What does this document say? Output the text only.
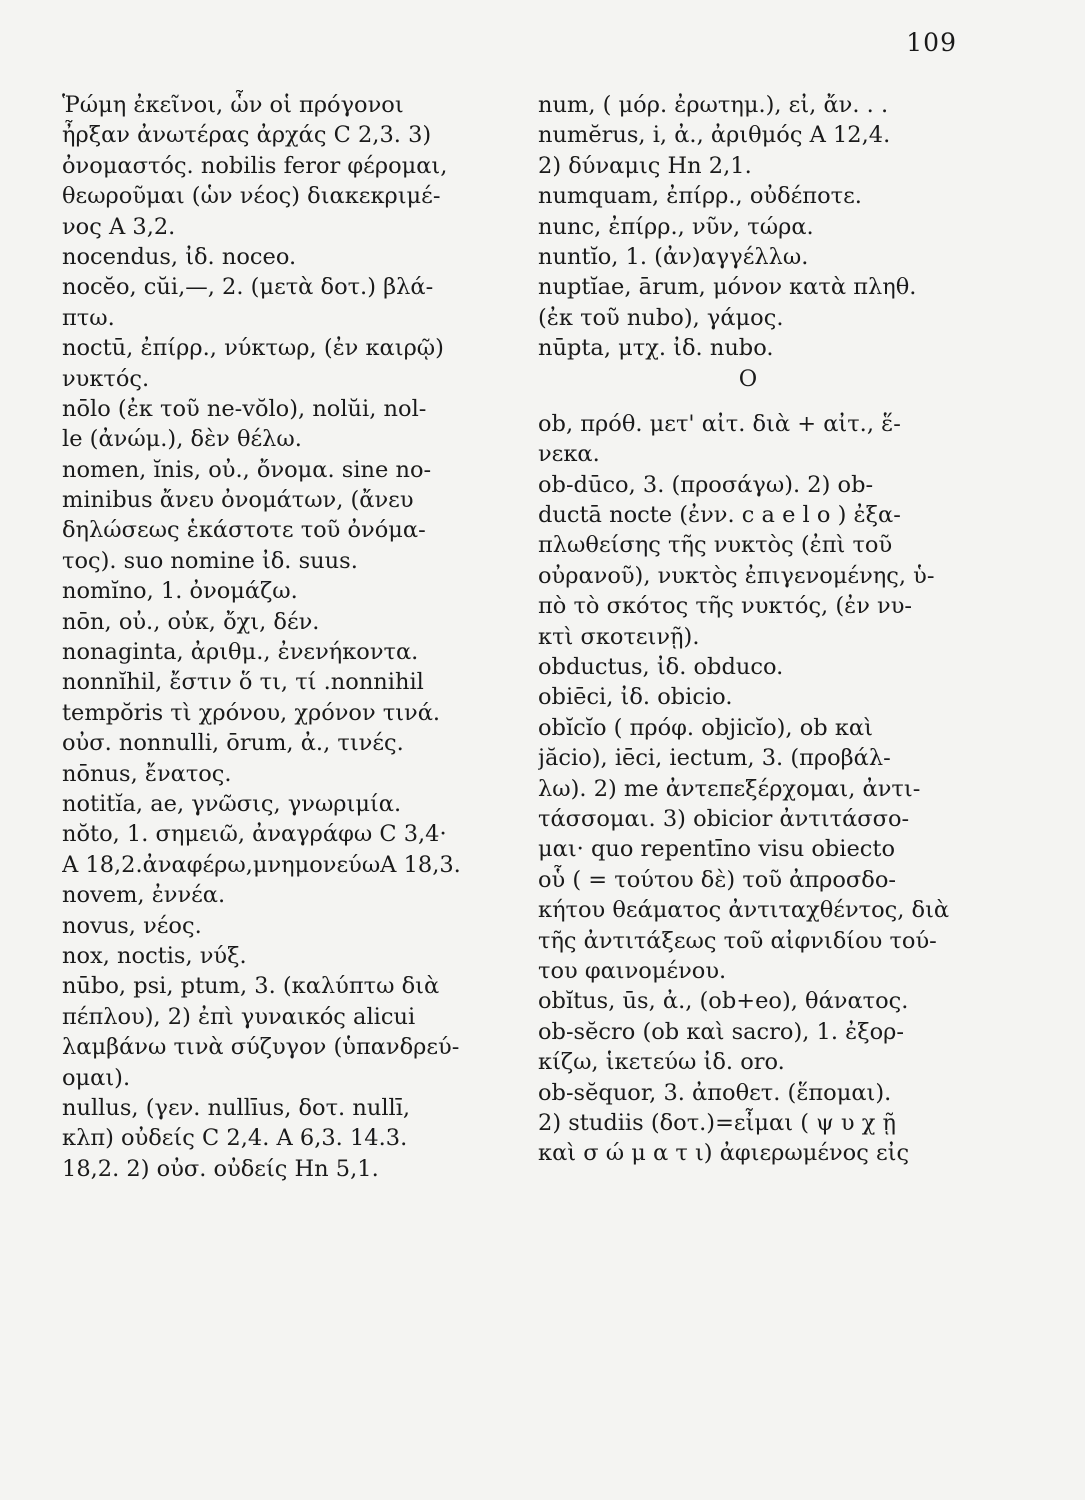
109
Ῥώμη ἐκεῖνοι, ὧν οἱ πρόγονοι
ἦρξαν ἀνωτέρας ἀρχάς C 2,3. 3)
ὀνομαστός. nobilis feror φέρομαι,
θεωροῦμαι (ὡν νέος) διακεκριμέ-
νος A 3,2.
nocendus, ἰδ. noceo.
nocĕo, cŭi,—, 2. (μετὰ δοτ.) βλά-
πτω.
noctū, ἐπίρρ., νύκτωρ, (ἐν καιρῷ)
νυκτός.
nōlo (ἐκ τοῦ ne-vŏlo), nolŭi, nol-
le (ἀνώμ.), δὲν θέλω.
nomen, ĭnis, οὐ., ὄνομα. sine no-
minibus ἄνευ ὀνομάτων, (ἄνευ
δηλώσεως ἑκάστοτε τοῦ ὀνόμα-
τος). suo nomine ἰδ. suus.
nomĭno, 1. ὀνομάζω.
nōn, οὐ., οὐκ, ὄχι, δέν.
nonaginta, ἀριθμ., ἐνενήκοντα.
nonnĭhil, ἔστιν ὅ τι, τί .nonnihil
tempŏris τὶ χρόνου, χρόνον τινά.
οὐσ. nonnulli, ōrum, ἀ., τινές.
nōnus, ἔνατος.
notitĭa, ae, γνῶσις, γνωριμία.
nŏto, 1. σημειῶ, ἀναγράφω C 3,4·
A 18,2.ἀναφέρω,μνημονεύωA 18,3.
novem, ἐννέα.
novus, νέος.
nox, noctis, νύξ.
nūbo, psi, ptum, 3. (καλύπτω διὰ
πέπλου), 2) ἐπὶ γυναικός alicui
λαμβάνω τινὰ σύζυγον (ὑπανδρεύ-
ομαι).
nullus, (γεν. nullīus, δοτ. nullī,
κλπ) οὐδείς C 2,4. A 6,3. 14.3.
18,2. 2) οὐσ. οὐδείς Hn 5,1.
num, ( μόρ. ἐρωτημ.), εἰ, ἄν. . .
numĕrus, i, ἀ., ἀριθμός A 12,4.
2) δύναμις Hn 2,1.
numquam, ἐπίρρ., οὐδέποτε.
nunc, ἐπίρρ., νῦν, τώρα.
nuntĭo, 1. (ἀν)αγγέλλω.
nuptĭae, ārum, μόνον κατὰ πληθ.
(ἐκ τοῦ nubo), γάμος.
nūpta, μτχ. ἰδ. nubo.
O
ob, πρόθ. μετ' αἰτ. διὰ + αἰτ., ἕ-
νεκα.
ob-dūco, 3. (προσάγω). 2) ob-
ductā nocte (ἐνν. c a e l o ) ἐξα-
πλωθείσης τῆς νυκτὸς (ἐπὶ τοῦ
οὐρανοῦ), νυκτὸς ἐπιγενομένης, ὑ-
πὸ τὸ σκότος τῆς νυκτός, (ἐν νυ-
κτὶ σκοτεινῇ).
obductus, ἰδ. obduco.
obiēci, ἰδ. obicio.
obĭcĭo ( πρόφ. objicĭo), ob καὶ
jăcio), iēci, iectum, 3. (προβάλ-
λω). 2) me ἀντεπεξέρχομαι, ἀντι-
τάσσομαι. 3) obicior ἀντιτάσσο-
μαι· quo repentīno visu obiecto
οὗ ( = τούτου δὲ) τοῦ ἀπροσδο-
κήτου θεάματος ἀντιταχθέντος, διὰ
τῆς ἀντιτάξεως τοῦ αἰφνιδίου τού-
του φαινομένου.
obĭtus, ūs, ἀ., (ob+eo), θάνατος.
ob-sĕcro (ob καὶ sacro), 1. ἐξορ-
κίζω, ἱκετεύω ἰδ. oro.
ob-sĕquor, 3. ἀποθετ. (ἕπομαι).
2) studiis (δοτ.)=εἶμαι ( ψ υ χ ῇ
καὶ σ ώ μ α τ ι) ἀφιερωμένος εἰς
